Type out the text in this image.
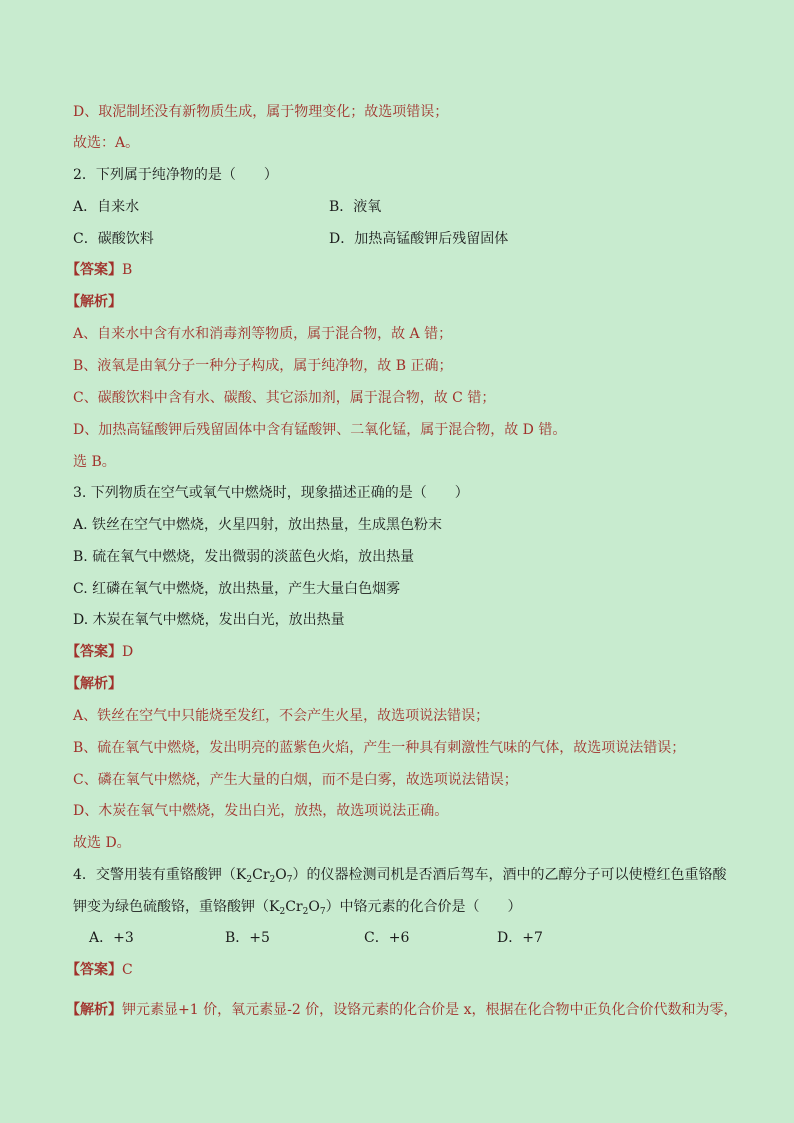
D、取泥制坯没有新物质生成，属于物理变化；故选项错误；
故选：A。
2．下列属于纯净物的是（　　）
A．自来水	B．液氧
C．碳酸饮料	D．加热高锰酸钾后残留固体
【答案】B
【解析】
A、自来水中含有水和消毒剂等物质，属于混合物，故 A 错；
B、液氧是由氧分子一种分子构成，属于纯净物，故 B 正确；
C、碳酸饮料中含有水、碳酸、其它添加剂，属于混合物，故 C 错；
D、加热高锰酸钾后残留固体中含有锰酸钾、二氧化锰，属于混合物，故 D 错。
选 B。
3. 下列物质在空气或氧气中燃烧时，现象描述正确的是（　　）
A. 铁丝在空气中燃烧，火星四射，放出热量，生成黑色粉末
B. 硫在氧气中燃烧，发出微弱的淡蓝色火焰，放出热量
C. 红磷在氧气中燃烧，放出热量，产生大量白色烟雾
D. 木炭在氧气中燃烧，发出白光，放出热量
【答案】D
【解析】
A、铁丝在空气中只能烧至发红，不会产生火星，故选项说法错误；
B、硫在氧气中燃烧，发出明亮的蓝紫色火焰，产生一种具有刺激性气味的气体，故选项说法错误；
C、磷在氧气中燃烧，产生大量的白烟，而不是白雾，故选项说法错误；
D、木炭在氧气中燃烧，发出白光，放热，故选项说法正确。
故选 D。
4．交警用装有重铬酸钾$(K_2Cr_2O_7)$的仪器检测司机是否酒后驾车，酒中的乙醇分子可以使橙红色重铬酸
钾变为绿色硫酸铬，重铬酸钾$(K_2Cr_2O_7)$中铬元素的化合价是（　　）
A．+3	B．+5	C．+6	D．+7
【答案】C
【解析】钾元素显+1 价，氧元素显-2 价，设铬元素的化合价是 x，根据在化合物中正负化合价代数和为零，
